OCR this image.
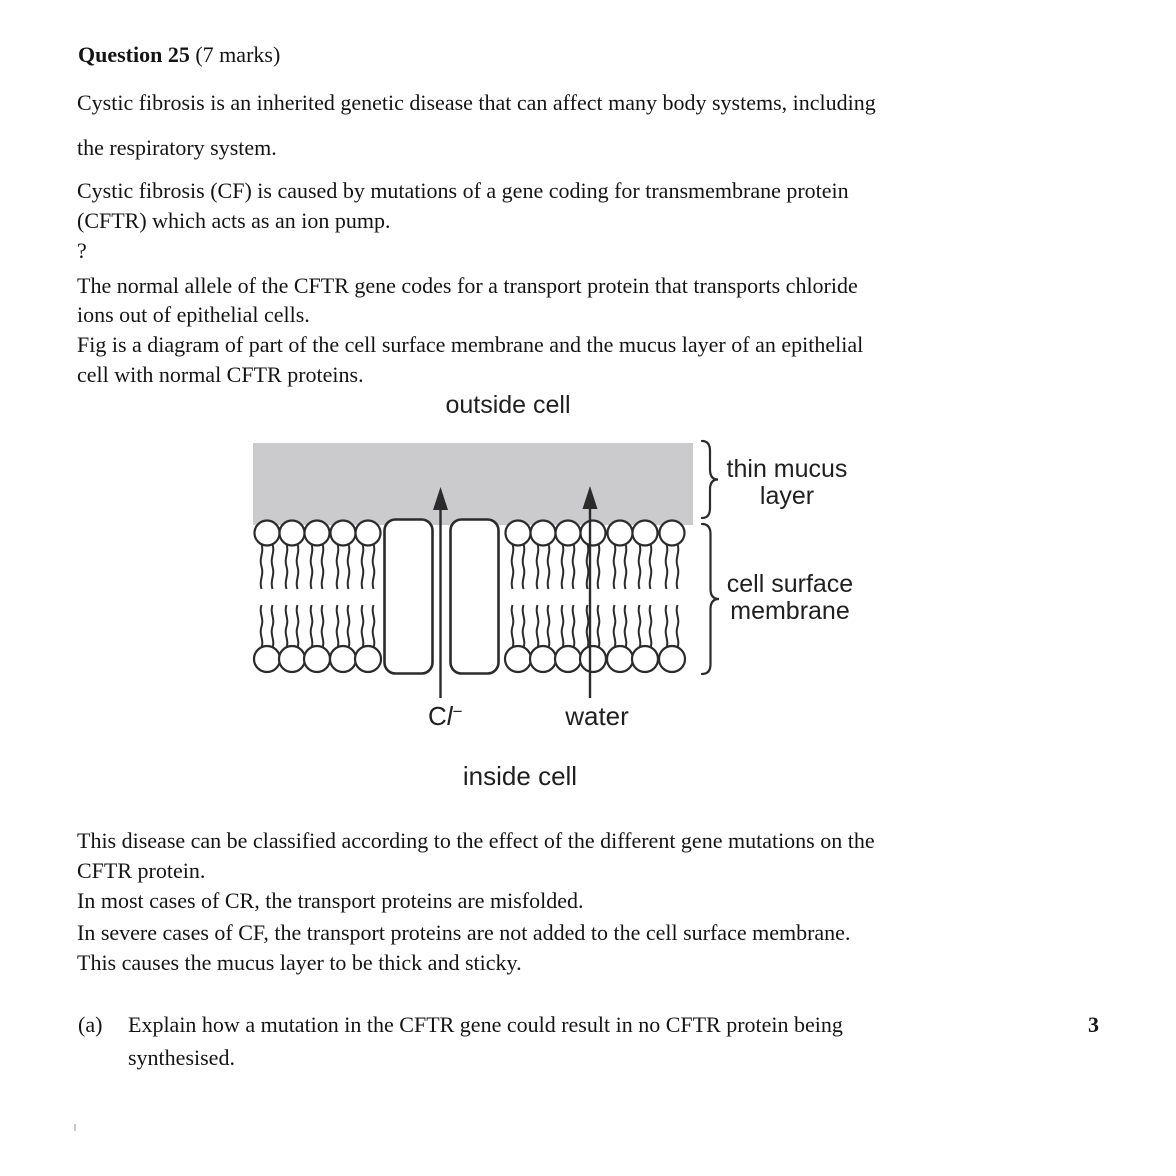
Question 25 (7 marks)
Cystic fibrosis is an inherited genetic disease that can affect many body systems, including
the respiratory system.
Cystic fibrosis (CF) is caused by mutations of a gene coding for transmembrane protein
(CFTR) which acts as an ion pump.
?
The normal allele of the CFTR gene codes for a transport protein that transports chloride
ions out of epithelial cells.
Fig is a diagram of part of the cell surface membrane and the mucus layer of an epithelial
cell with normal CFTR proteins.
outside cell
thin mucus
layer
cell surface
membrane
Cl−	water
inside cell
This disease can be classified according to the effect of the different gene mutations on the
CFTR protein.
In most cases of CR, the transport proteins are misfolded.
In severe cases of CF, the transport proteins are not added to the cell surface membrane.
This causes the mucus layer to be thick and sticky.
(a) Explain how a mutation in the CFTR gene could result in no CFTR protein being	3
synthesised.
